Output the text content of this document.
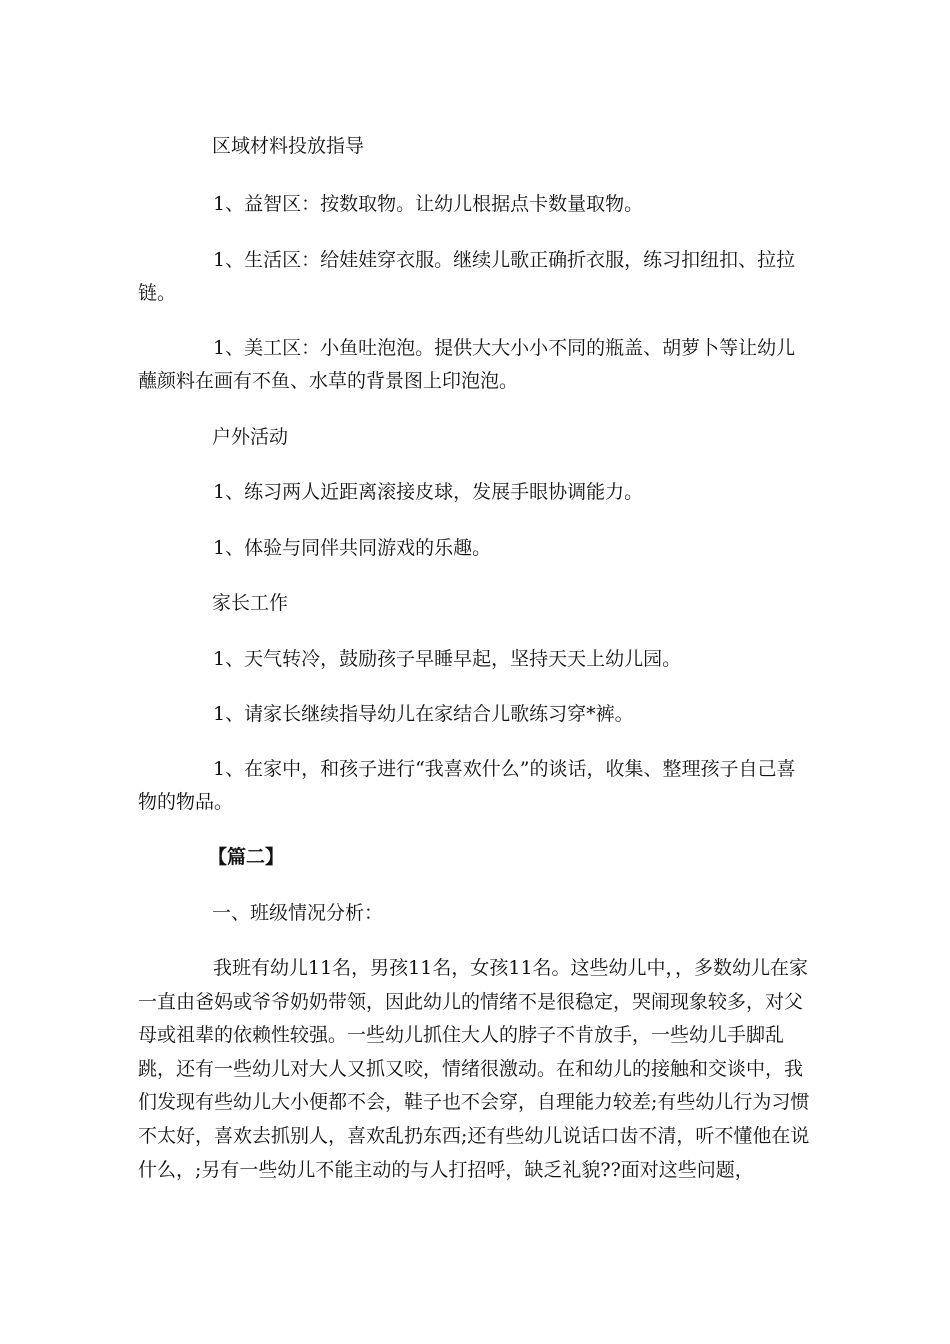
区域材料投放指导

1、益智区：按数取物。让幼儿根据点卡数量取物。

1、生活区：给娃娃穿衣服。继续儿歌正确折衣服，练习扣纽扣、拉拉链。

1、美工区：小鱼吐泡泡。提供大大小小不同的瓶盖、胡萝卜等让幼儿蘸颜料在画有不鱼、水草的背景图上印泡泡。

户外活动

1、练习两人近距离滚接皮球，发展手眼协调能力。

1、体验与同伴共同游戏的乐趣。

家长工作

1、天气转冷，鼓励孩子早睡早起，坚持天天上幼儿园。

1、请家长继续指导幼儿在家结合儿歌练习穿*裤。

1、在家中，和孩子进行“我喜欢什么”的谈话，收集、整理孩子自己喜物的物品。

【篇二】

一、班级情况分析：

我班有幼儿11名，男孩11名，女孩11名。这些幼儿中，，多数幼儿在家一直由爸妈或爷爷奶奶带领，因此幼儿的情绪不是很稳定，哭闹现象较多，对父母或祖辈的依赖性较强。一些幼儿抓住大人的脖子不肯放手，一些幼儿手脚乱跳，还有一些幼儿对大人又抓又咬，情绪很激动。在和幼儿的接触和交谈中，我们发现有些幼儿大小便都不会，鞋子也不会穿，自理能力较差;有些幼儿行为习惯不太好，喜欢去抓别人，喜欢乱扔东西;还有些幼儿说话口齿不清，听不懂他在说什么，;另有一些幼儿不能主动的与人打招呼，缺乏礼貌??面对这些问题，
